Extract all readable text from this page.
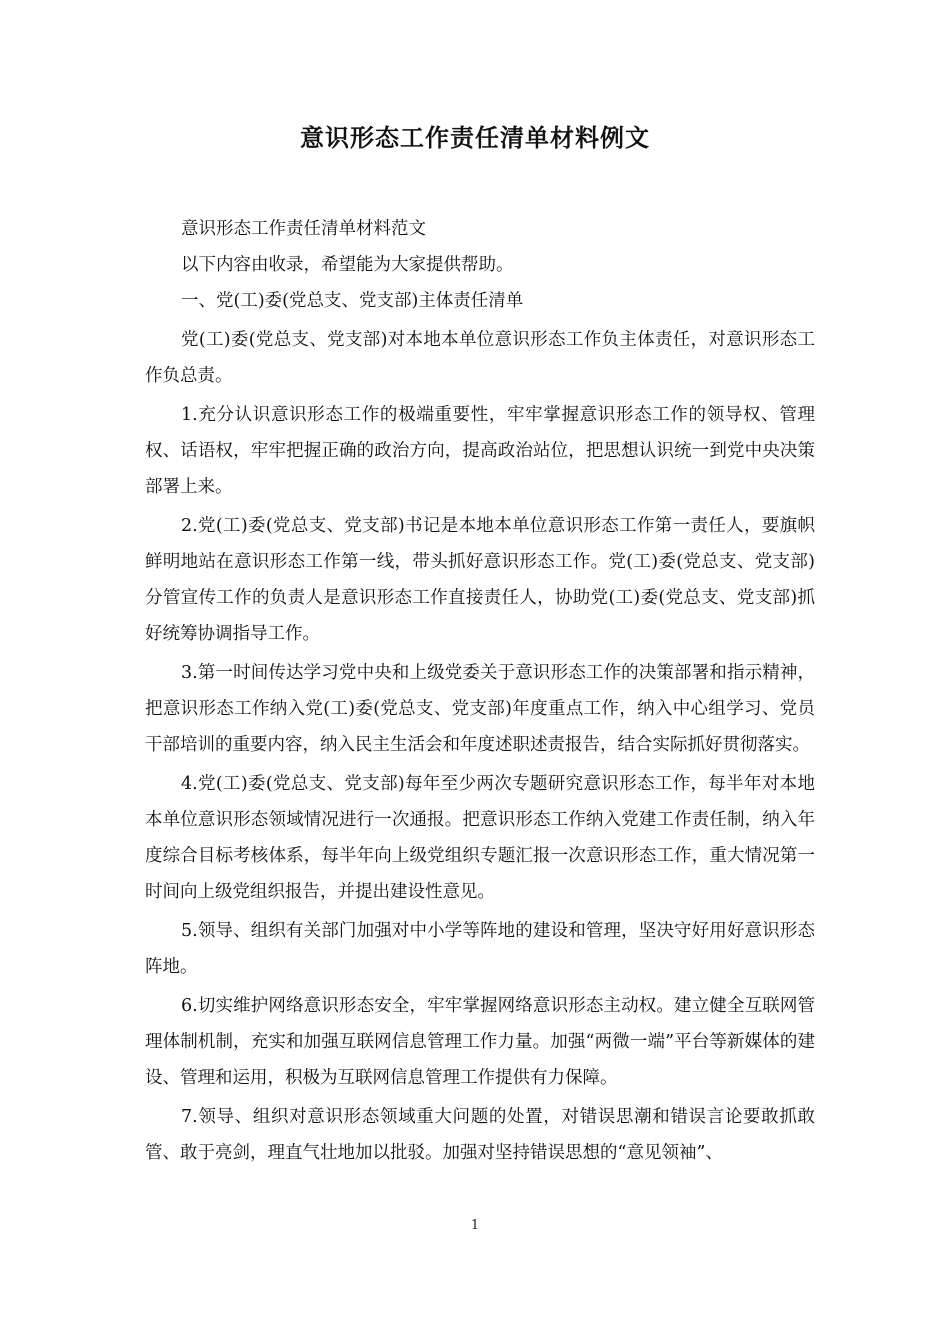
意识形态工作责任清单材料例文

意识形态工作责任清单材料范文

以下内容由收录，希望能为大家提供帮助。

一、党(工)委(党总支、党支部)主体责任清单

党(工)委(党总支、党支部)对本地本单位意识形态工作负主体责任，对意识形态工作负总责。

1.充分认识意识形态工作的极端重要性，牢牢掌握意识形态工作的领导权、管理权、话语权，牢牢把握正确的政治方向，提高政治站位，把思想认识统一到党中央决策部署上来。

2.党(工)委(党总支、党支部)书记是本地本单位意识形态工作第一责任人，要旗帜鲜明地站在意识形态工作第一线，带头抓好意识形态工作。党(工)委(党总支、党支部)分管宣传工作的负责人是意识形态工作直接责任人，协助党(工)委(党总支、党支部)抓好统筹协调指导工作。

3.第一时间传达学习党中央和上级党委关于意识形态工作的决策部署和指示精神，把意识形态工作纳入党(工)委(党总支、党支部)年度重点工作，纳入中心组学习、党员干部培训的重要内容，纳入民主生活会和年度述职述责报告，结合实际抓好贯彻落实。

4.党(工)委(党总支、党支部)每年至少两次专题研究意识形态工作，每半年对本地本单位意识形态领域情况进行一次通报。把意识形态工作纳入党建工作责任制，纳入年度综合目标考核体系，每半年向上级党组织专题汇报一次意识形态工作，重大情况第一时间向上级党组织报告，并提出建设性意见。

5.领导、组织有关部门加强对中小学等阵地的建设和管理，坚决守好用好意识形态阵地。

6.切实维护网络意识形态安全，牢牢掌握网络意识形态主动权。建立健全互联网管理体制机制，充实和加强互联网信息管理工作力量。加强“两微一端”平台等新媒体的建设、管理和运用，积极为互联网信息管理工作提供有力保障。

7.领导、组织对意识形态领域重大问题的处置，对错误思潮和错误言论要敢抓敢管、敢于亮剑，理直气壮地加以批驳。加强对坚持错误思想的“意见领袖”、

1
